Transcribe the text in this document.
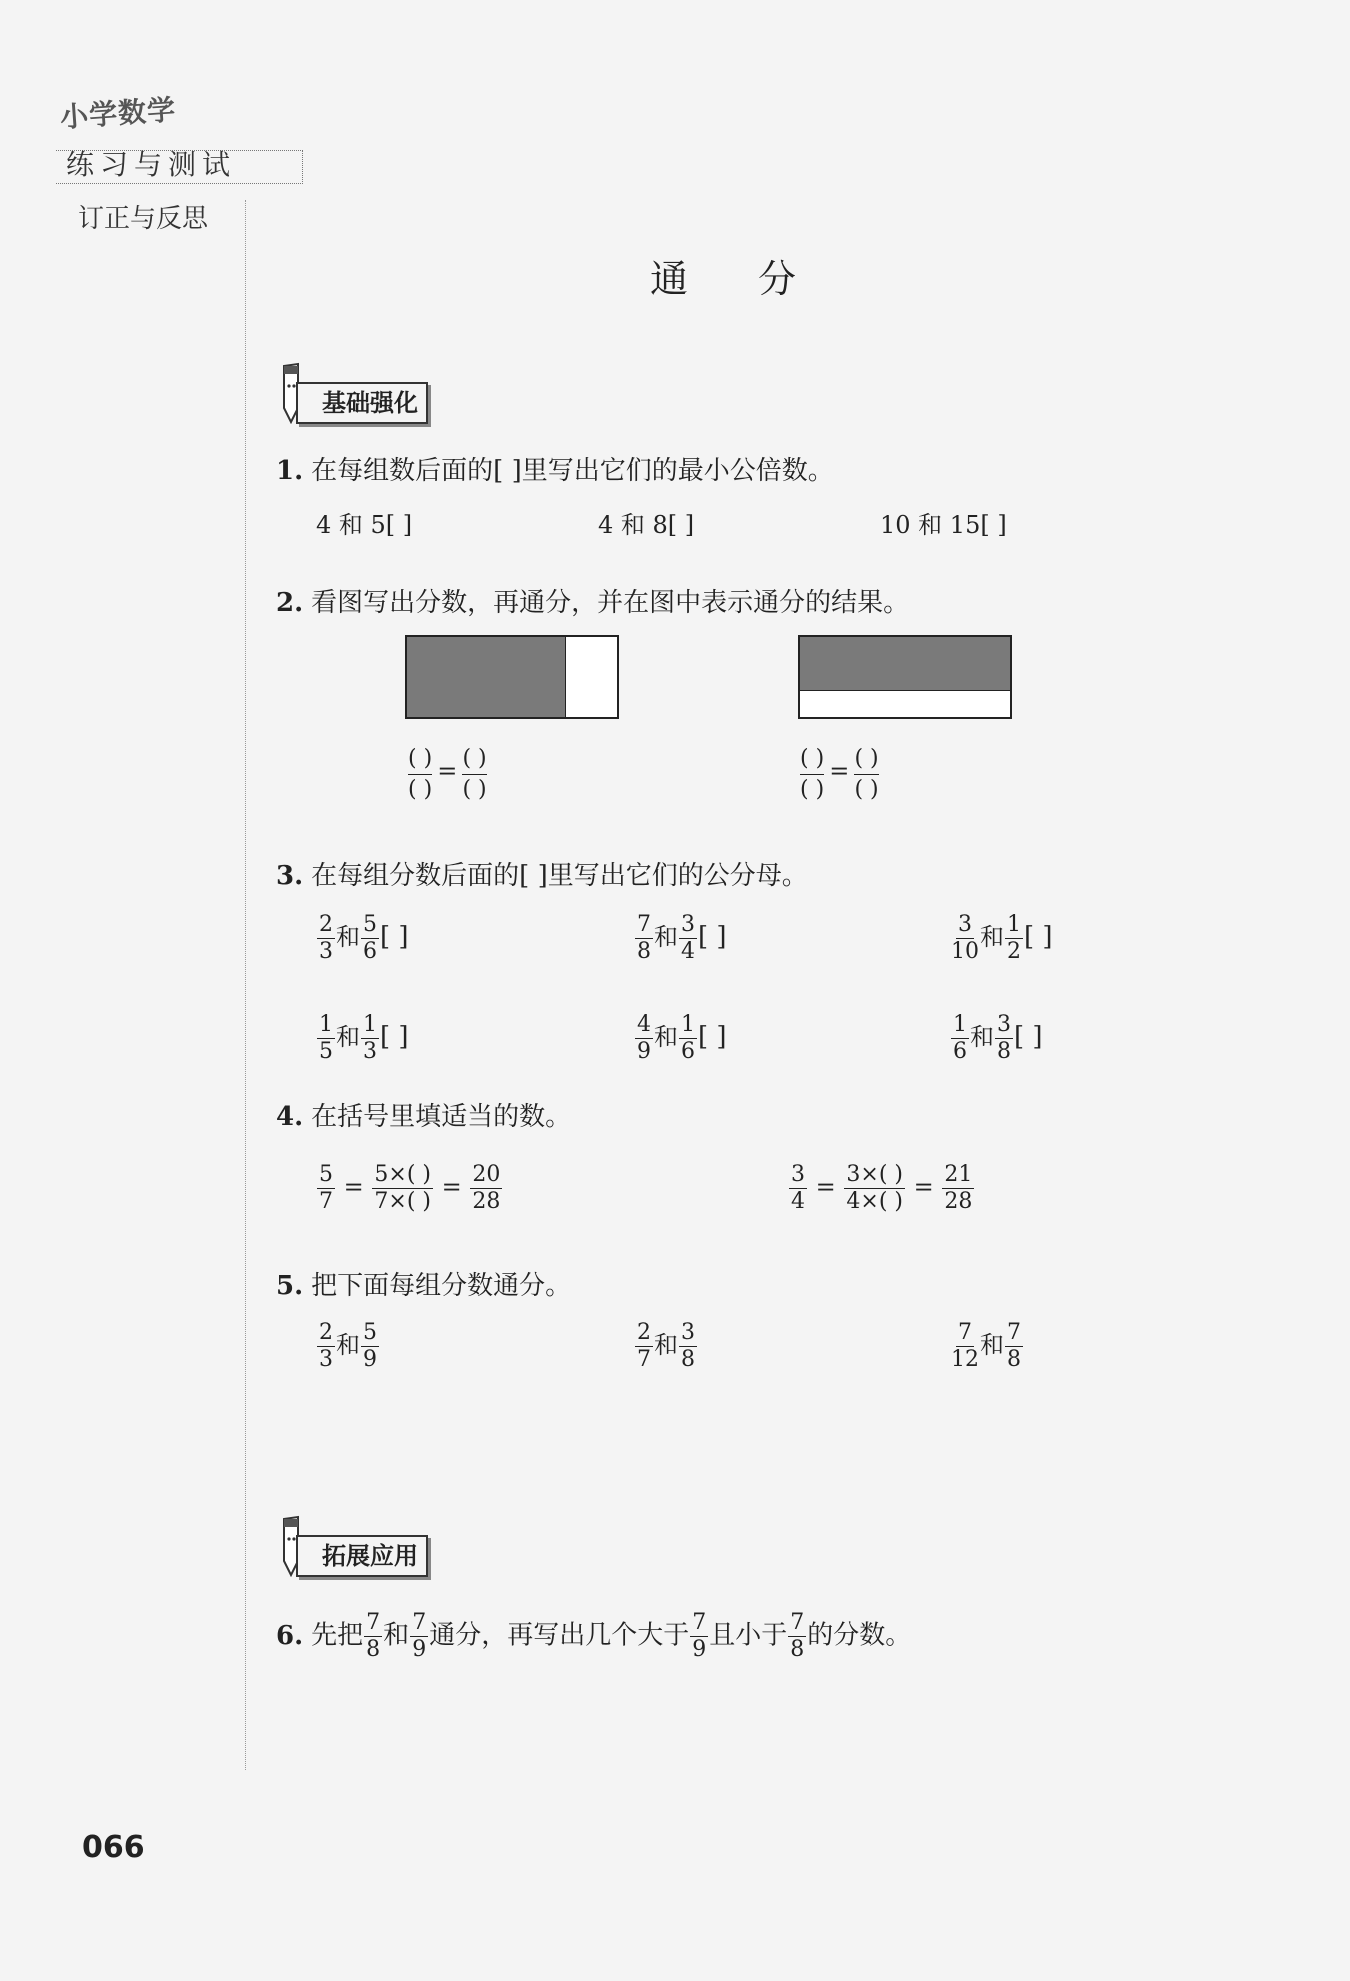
小学数学
练习与测试
订正与反思
通分
基础强化
1. 在每组数后面的[ ]里写出它们的最小公倍数。
4 和 5[ ]	4 和 8[ ]	10 和 15[ ]
2. 看图写出分数，再通分，并在图中表示通分的结果。
( )
( )
= ( )
( )
( )
( )
= ( )
( )
3. 在每组分数后面的[ ]里写出它们的公分母。
$\frac{2}{3}$ 和 $\frac{5}{6}$ [ ]	$\frac{7}{8}$ 和 $\frac{3}{4}$ [ ]	$\frac{3}{10}$ 和 $\frac{1}{2}$ [ ]
$\frac{1}{5}$ 和 $\frac{1}{3}$ [ ]	$\frac{4}{9}$ 和 $\frac{1}{6}$ [ ]	$\frac{1}{6}$ 和 $\frac{3}{8}$ [ ]
4. 在括号里填适当的数。
$\frac{5}{7} = \frac{5\times( )}{7\times( )} = \frac{20}{28}$	$\frac{3}{4} = \frac{3\times( )}{4\times( )} = \frac{21}{28}$
5. 把下面每组分数通分。
$\frac{2}{3}$ 和 $\frac{5}{9}$	$\frac{2}{7}$ 和 $\frac{3}{8}$	$\frac{7}{12}$ 和 $\frac{7}{8}$
拓展应用
6. 先把 $\frac{7}{8}$ 和 $\frac{7}{9}$ 通分，再写出几个大于 $\frac{7}{9}$ 且小于 $\frac{7}{8}$ 的分数。
066
